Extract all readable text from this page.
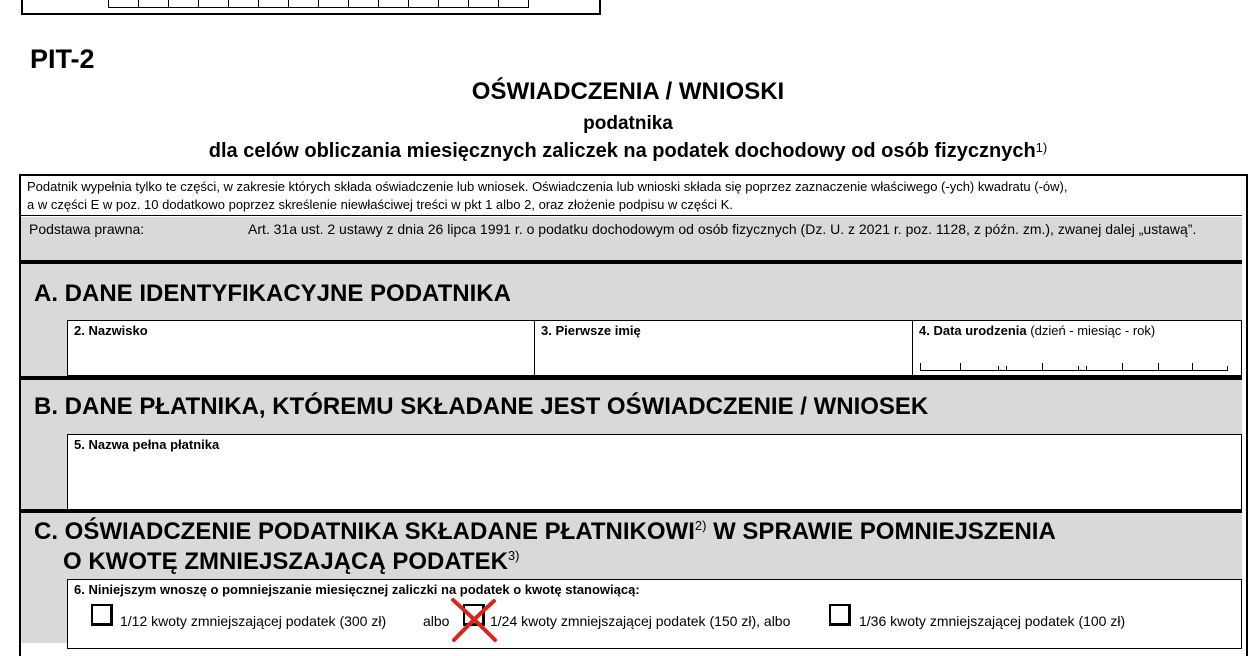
PIT-2
OŚWIADCZENIA / WNIOSKI
podatnika
dla celów obliczania miesięcznych zaliczek na podatek dochodowy od osób fizycznych$^{1)}$
Podatnik wypełnia tylko te części, w zakresie których składa oświadczenie lub wniosek. Oświadczenia lub wnioski składa się poprzez zaznaczenie właściwego (-ych) kwadratu (-ów),
a w części E w poz. 10 dodatkowo poprzez skreślenie niewłaściwej treści w pkt 1 albo 2, oraz złożenie podpisu w części K.
Podstawa prawna:	Art. 31a ust. 2 ustawy z dnia 26 lipca 1991 r. o podatku dochodowym od osób fizycznych (Dz. U. z 2021 r. poz. 1128, z późn. zm.), zwanej dalej „ustawą”.
A. DANE IDENTYFIKACYJNE PODATNIKA
2. Nazwisko	3. Pierwsze imię	4. Data urodzenia (dzień - miesiąc - rok)
.	.
B. DANE PŁATNIKA, KTÓREMU SKŁADANE JEST OŚWIADCZENIE / WNIOSEK
5. Nazwa pełna płatnika
C. OŚWIADCZENIE PODATNIKA SKŁADANE PŁATNIKOWI$^{2)}$ W SPRAWIE POMNIEJSZENIA
O KWOTĘ ZMNIEJSZAJĄCĄ PODATEK$^{3)}$
6. Niniejszym wnoszę o pomniejszanie miesięcznej zaliczki na podatek o kwotę stanowiącą:
1/12 kwoty zmniejszającej podatek (300 zł)	albo	1/24 kwoty zmniejszającej podatek (150 zł), albo	1/36 kwoty zmniejszającej podatek (100 zł)
